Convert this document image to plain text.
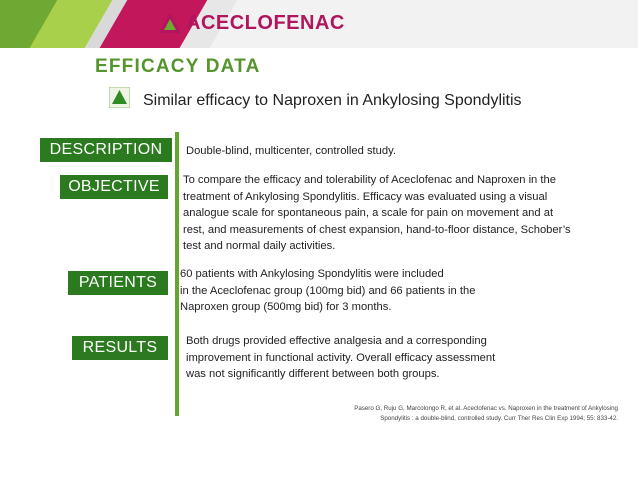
ACECLOFENAC
EFFICACY DATA
Similar efficacy to Naproxen in Ankylosing Spondylitis
DESCRIPTION	Double-blind, multicenter, controlled study.
OBJECTIVE	To compare the efficacy and tolerability of Aceclofenac and Naproxen in the
treatment of Ankylosing Spondylitis. Efficacy was evaluated using a visual
analogue scale for spontaneous pain, a scale for pain on movement and at
rest, and measurements of chest expansion, hand-to-floor distance, Schober’s
test and normal daily activities.
PATIENTS	60 patients with Ankylosing Spondylitis were included
in the Aceclofenac group (100mg bid) and 66 patients in the
Naproxen group (500mg bid) for 3 months.
RESULTS	Both drugs provided effective analgesia and a corresponding
improvement in functional activity. Overall efficacy assessment
was not significantly different between both groups.
Pasero G, Ruju G, Marcolongo R, et al. Aceclofenac vs. Naproxen in the treatment of Ankylosing
Spondylitis : a double-blind, controlled study. Curr Ther Res Clin Exp 1994; 55: 833-42.
